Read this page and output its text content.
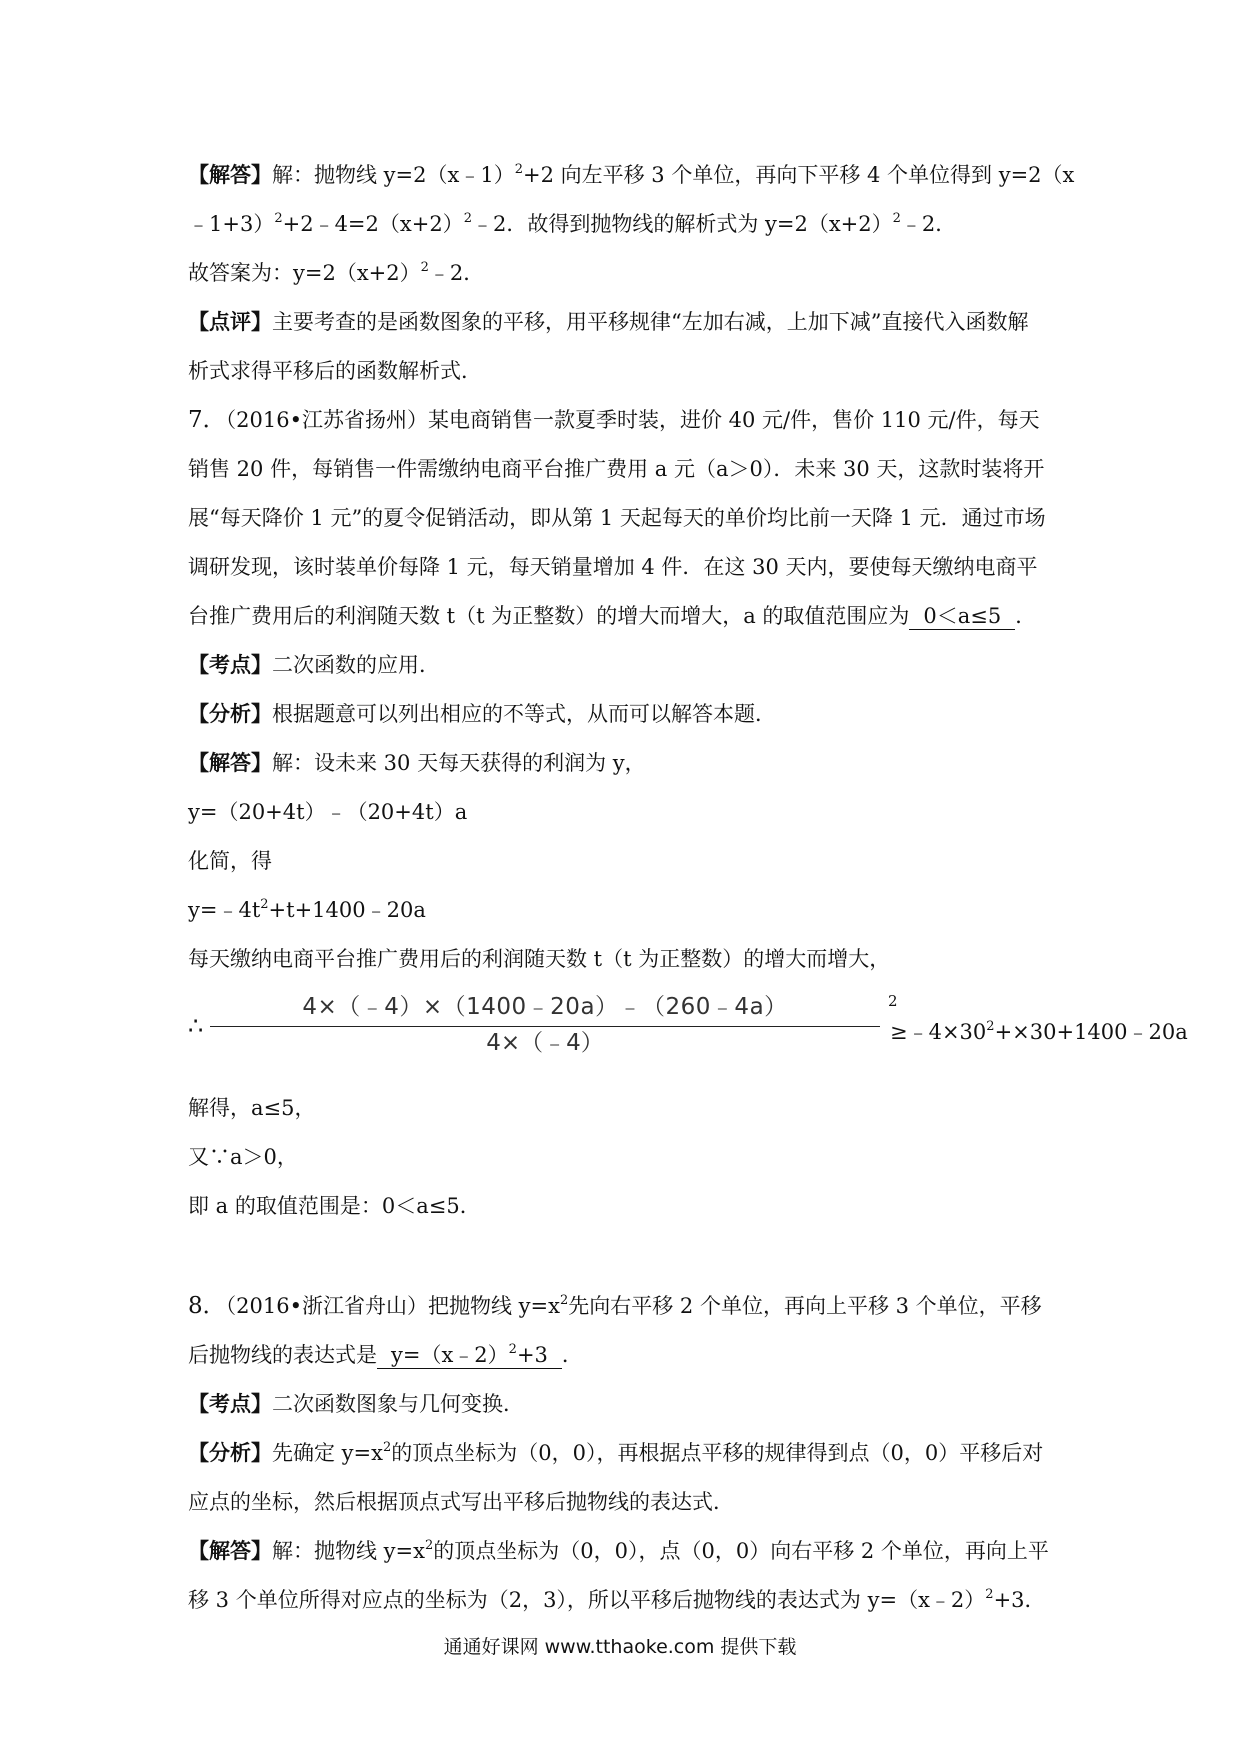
【解答】解：抛物线 y=2（x﹣1）$^2$+2 向左平移 3 个单位，再向下平移 4 个单位得到 y=2（x
$﹣1+3)^2+2﹣4=2(x+2)^2﹣2$．故得到抛物线的解析式为 $y=2(x+2)^2﹣2$．
故答案为：$y=2(x+2)^2﹣2$．
【点评】主要考查的是函数图象的平移，用平移规律“左加右减，上加下减”直接代入函数解
析式求得平移后的函数解析式．
7．（2016•江苏省扬州）某电商销售一款夏季时装，进价 40 元/件，售价 110 元/件，每天
销售 20 件，每销售一件需缴纳电商平台推广费用 a 元（a＞0）．未来 30 天，这款时装将开
展“每天降价 1 元”的夏令促销活动，即从第 1 天起每天的单价均比前一天降 1 元．通过市场
调研发现，该时装单价每降 1 元，每天销量增加 4 件．在这 30 天内，要使每天缴纳电商平
台推广费用后的利润随天数 t（t 为正整数）的增大而增大，a 的取值范围应为 0＜a≤5 ．
【考点】二次函数的应用．
【分析】根据题意可以列出相应的不等式，从而可以解答本题．
【解答】解：设未来 30 天每天获得的利润为 y，
y=（20+4t）﹣（20+4t）a
化简，得
$y=﹣4t^2+t+1400﹣20a$
每天缴纳电商平台推广费用后的利润随天数 t（t 为正整数）的增大而增大，
∴
4×（﹣4）×（1400﹣20a）﹣（260﹣4a）
4×（﹣4）
2
$\ge﹣4\times 30^2+\times 30+1400﹣20a$
解得，a≤5，
又∵a＞0，
即 a 的取值范围是：0＜a≤5．
8．（2016•浙江省舟山）把抛物线 $y=x^2$先向右平移 2 个单位，再向上平移 3 个单位，平移
后抛物线的表达式是 y=（x﹣2）$^2$+3 ．
【考点】二次函数图象与几何变换．
【分析】先确定 $y=x^2$的顶点坐标为（0，0），再根据点平移的规律得到点（0，0）平移后对
应点的坐标，然后根据顶点式写出平移后抛物线的表达式．
【解答】解：抛物线 $y=x^2$的顶点坐标为（0，0），点（0，0）向右平移 2 个单位，再向上平
移 3 个单位所得对应点的坐标为（2，3），所以平移后抛物线的表达式为 y=（x﹣2）$^2$+3．
通通好课网 www.tthaoke.com 提供下载
